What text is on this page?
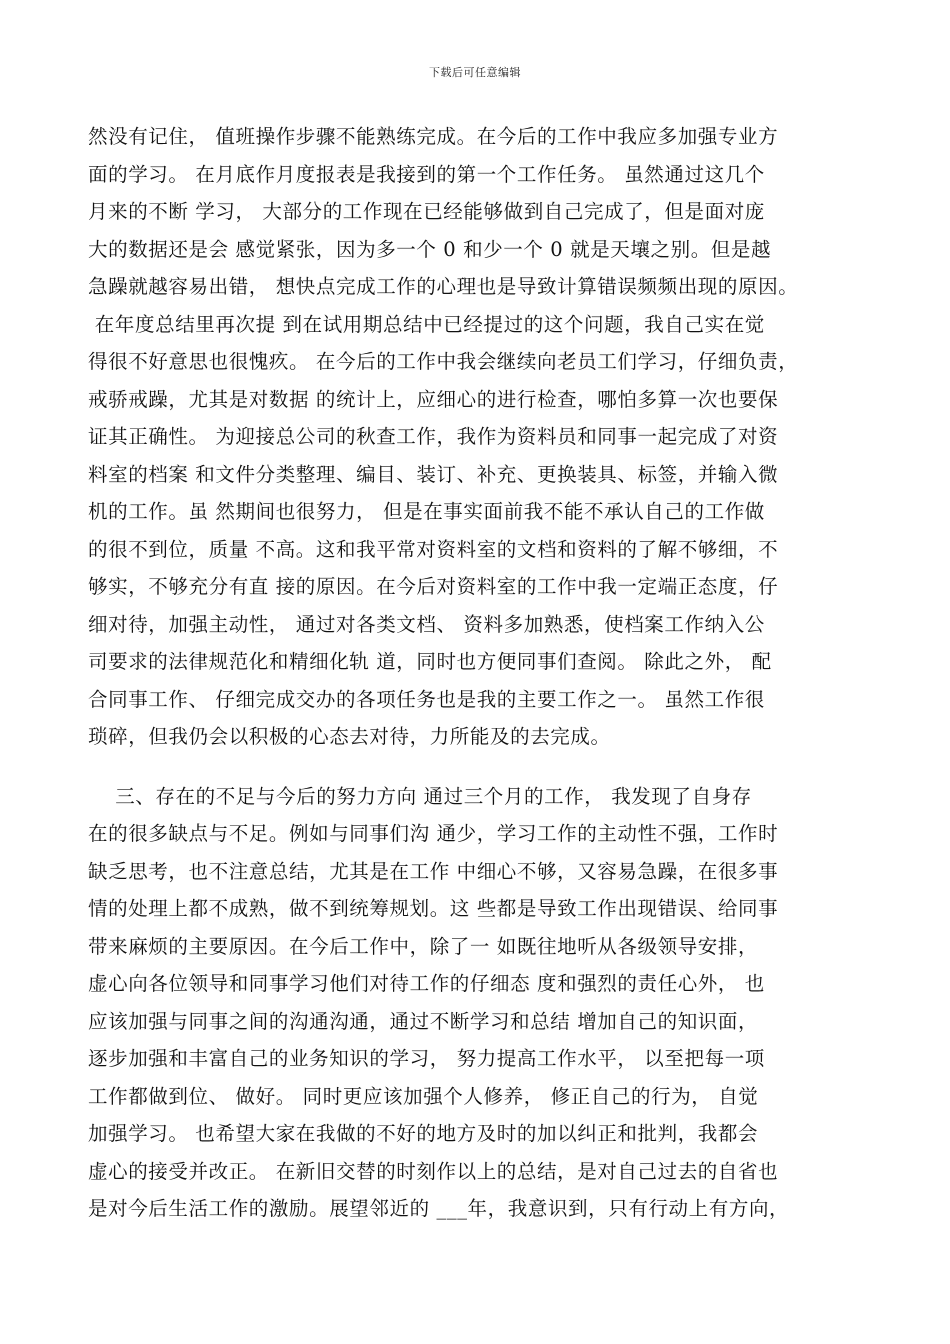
下载后可任意编辑
然没有记住， 值班操作步骤不能熟练完成。在今后的工作中我应多加强专业方
面的学习。 在月底作月度报表是我接到的第一个工作任务。 虽然通过这几个
月来的不断 学习， 大部分的工作现在已经能够做到自己完成了，但是面对庞
大的数据还是会 感觉紧张，因为多一个 0 和少一个 0 就是天壤之别。但是越
急躁就越容易出错， 想快点完成工作的心理也是导致计算错误频频出现的原因。
在年度总结里再次提 到在试用期总结中已经提过的这个问题，我自己实在觉
得很不好意思也很愧疚。 在今后的工作中我会继续向老员工们学习，仔细负责，
戒骄戒躁，尤其是对数据 的统计上，应细心的进行检查，哪怕多算一次也要保
证其正确性。 为迎接总公司的秋查工作，我作为资料员和同事一起完成了对资
料室的档案 和文件分类整理、编目、装订、补充、更换装具、标签，并输入微
机的工作。虽 然期间也很努力， 但是在事实面前我不能不承认自己的工作做
的很不到位，质量 不高。这和我平常对资料室的文档和资料的了解不够细，不
够实，不够充分有直 接的原因。在今后对资料室的工作中我一定端正态度，仔
细对待，加强主动性， 通过对各类文档、 资料多加熟悉，使档案工作纳入公
司要求的法律规范化和精细化轨 道，同时也方便同事们查阅。 除此之外， 配
合同事工作、 仔细完成交办的各项任务也是我的主要工作之一。 虽然工作很
琐碎，但我仍会以积极的心态去对待，力所能及的去完成。
三、存在的不足与今后的努力方向 通过三个月的工作， 我发现了自身存
在的很多缺点与不足。例如与同事们沟 通少，学习工作的主动性不强，工作时
缺乏思考，也不注意总结，尤其是在工作 中细心不够，又容易急躁，在很多事
情的处理上都不成熟，做不到统筹规划。这 些都是导致工作出现错误、给同事
带来麻烦的主要原因。在今后工作中，除了一 如既往地听从各级领导安排，
虚心向各位领导和同事学习他们对待工作的仔细态 度和强烈的责任心外， 也
应该加强与同事之间的沟通沟通，通过不断学习和总结 增加自己的知识面，
逐步加强和丰富自己的业务知识的学习， 努力提高工作水平， 以至把每一项
工作都做到位、 做好。 同时更应该加强个人修养， 修正自己的行为， 自觉
加强学习。 也希望大家在我做的不好的地方及时的加以纠正和批判，我都会
虚心的接受并改正。 在新旧交替的时刻作以上的总结，是对自己过去的自省也
是对今后生活工作的激励。展望邻近的 ___年，我意识到，只有行动上有方向，
